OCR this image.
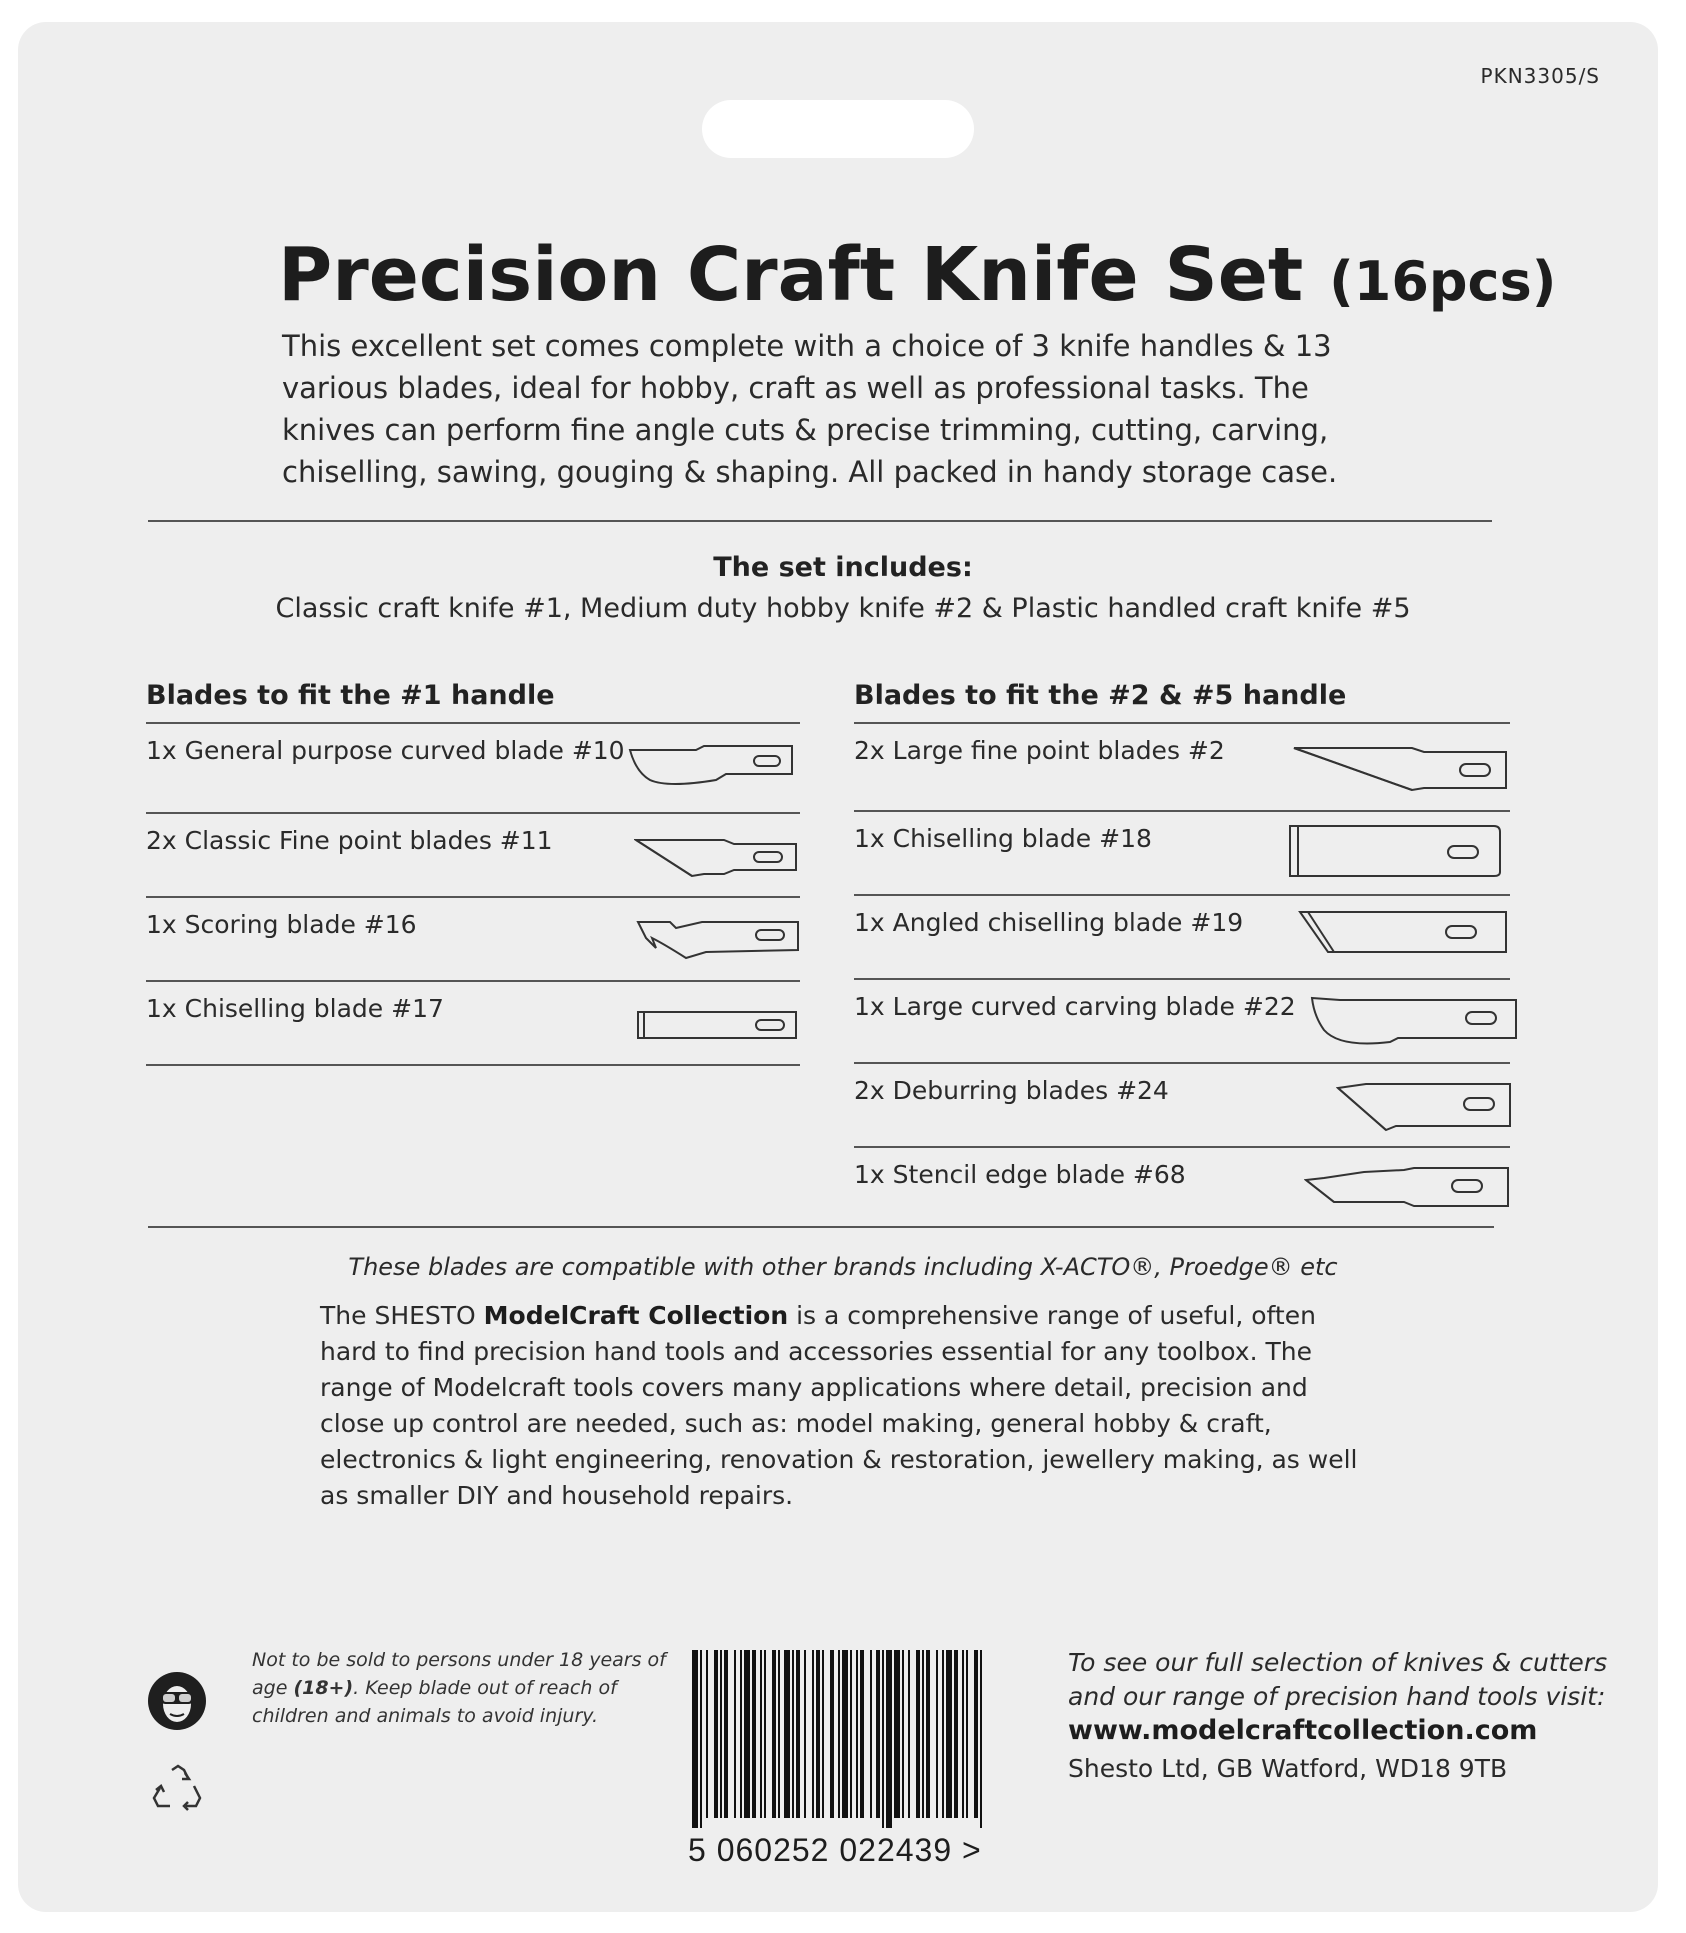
PKN3305/S
Precision Craft Knife Set (16pcs)

This excellent set comes complete with a choice of 3 knife handles & 13
various blades, ideal for hobby, craft as well as professional tasks. The
knives can perform fine angle cuts & precise trimming, cutting, carving,
chiselling, sawing, gouging & shaping. All packed in handy storage case.

The set includes:
Classic craft knife #1, Medium duty hobby knife #2 & Plastic handled craft knife #5
Blades to fit the #1 handle
1x General purpose curved blade #10
2x Classic Fine point blades #11
1x Scoring blade #16
1x Chiselling blade #17
Blades to fit the #2 & #5 handle
2x Large fine point blades #2
1x Chiselling blade #18
1x Angled chiselling blade #19
1x Large curved carving blade #22
2x Deburring blades #24
1x Stencil edge blade #68
These blades are compatible with other brands including X-ACTO®, Proedge® etc

The SHESTO ModelCraft Collection is a comprehensive range of useful, often hard to find precision hand tools and accessories essential for any toolbox. The range of Modelcraft tools covers many applications where detail, precision and close up control are needed, such as: model making, general hobby & craft, electronics & light engineering, renovation & restoration, jewellery making, as well as smaller DIY and household repairs.

Not to be sold to persons under 18 years of age (18+). Keep blade out of reach of children and animals to avoid injury.

5 060252 022439 >
To see our full selection of knives & cutters
and our range of precision hand tools visit:
www.modelcraftcollection.com
Shesto Ltd, GB Watford, WD18 9TB
